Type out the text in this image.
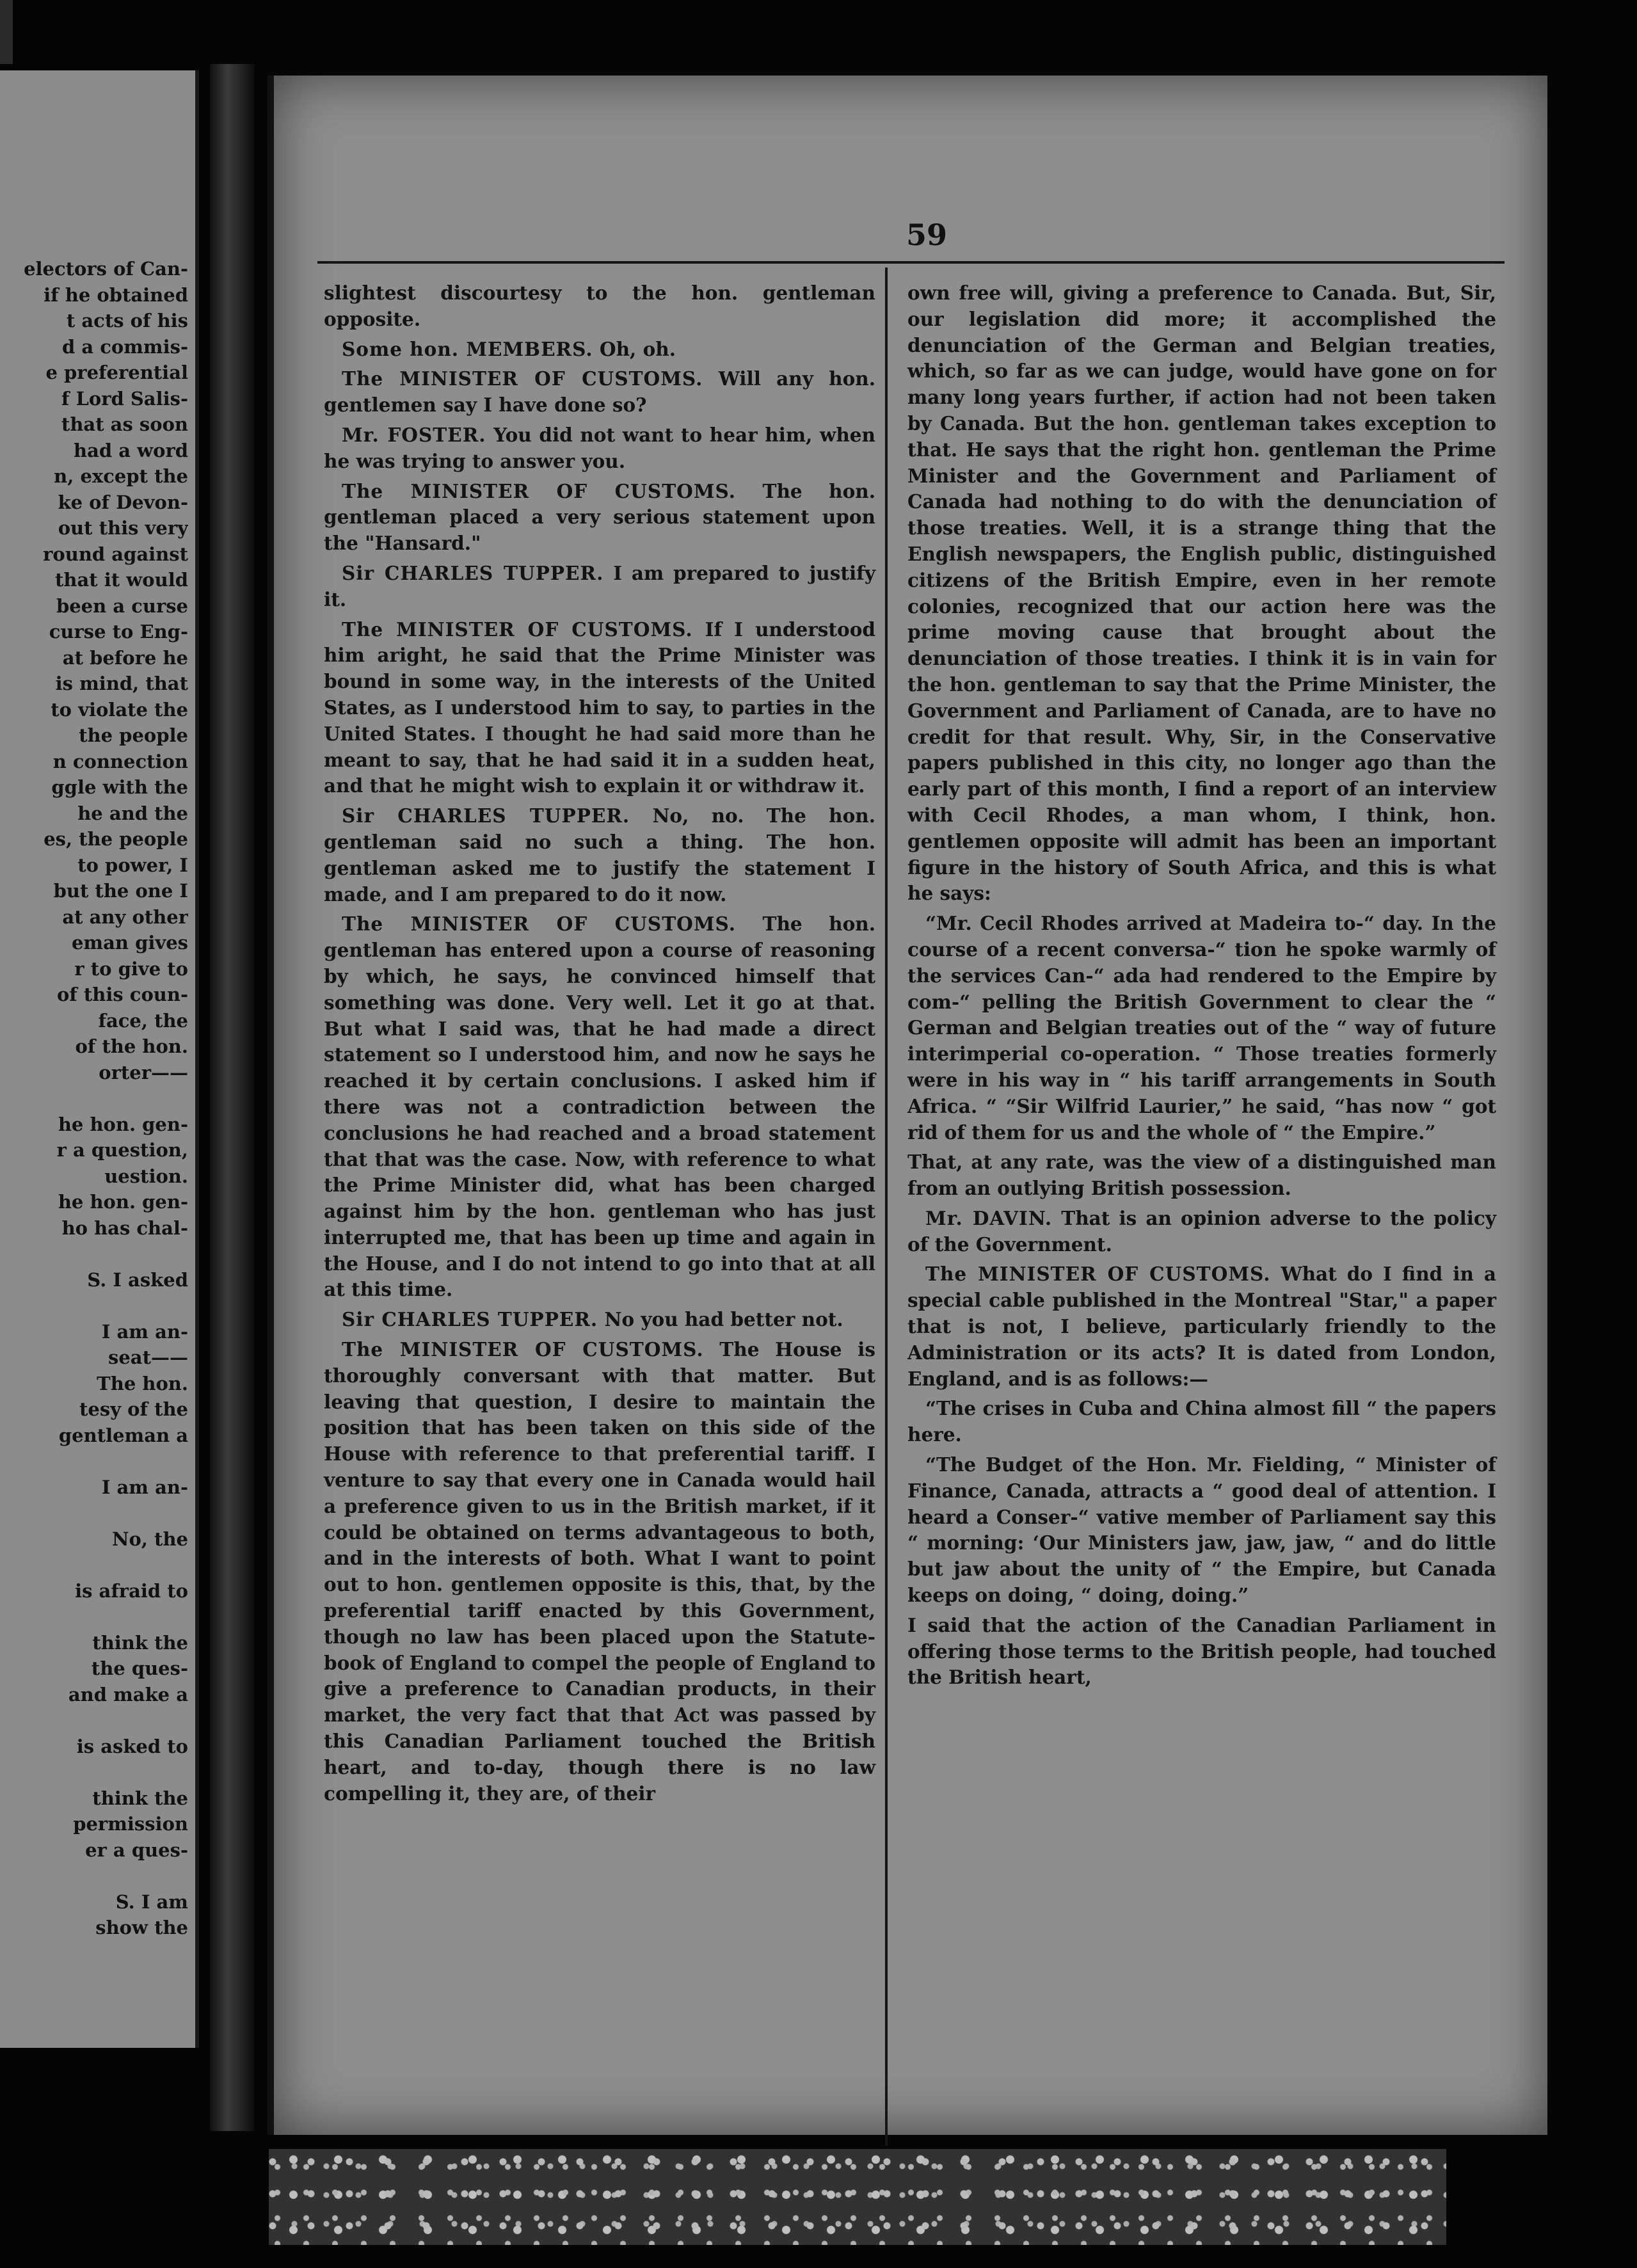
electors of Can-
if he obtained
t acts of his
d a commis-
e preferential
f Lord Salis-
that as soon
had a word
n, except the
ke of Devon-
out this very
round against
that it would
been a curse
curse to Eng-
at before he
is mind, that
to violate the
the people
n connection
ggle with the
he and the
es, the people
to power, I
but the one I
at any other
eman gives
r to give to
of this coun-
face, the
of the hon.
orter——
he hon. gen-
r a question,
uestion.
he hon. gen-
ho has chal-
S. I asked
I am an-
seat——
The hon.
tesy of the
gentleman a
I am an-
No, the
is afraid to
think the
the ques-
and make a
is asked to
think the
permission
er a ques-
S. I am
show the
59

slightest discourtesy to the hon. gentleman opposite.

Some hon. MEMBERS. Oh, oh.

The MINISTER OF CUSTOMS. Will any hon. gentlemen say I have done so?

Mr. FOSTER. You did not want to hear him, when he was trying to answer you.

The MINISTER OF CUSTOMS. The hon. gentleman placed a very serious statement upon the "Hansard."

Sir CHARLES TUPPER. I am prepared to justify it.

The MINISTER OF CUSTOMS. If I understood him aright, he said that the Prime Minister was bound in some way, in the interests of the United States, as I understood him to say, to parties in the United States. I thought he had said more than he meant to say, that he had said it in a sudden heat, and that he might wish to explain it or withdraw it.

Sir CHARLES TUPPER. No, no. The hon. gentleman said no such a thing. The hon. gentleman asked me to justify the statement I made, and I am prepared to do it now.

The MINISTER OF CUSTOMS. The hon. gentleman has entered upon a course of reasoning by which, he says, he convinced himself that something was done. Very well. Let it go at that. But what I said was, that he had made a direct statement so I understood him, and now he says he reached it by certain conclusions. I asked him if there was not a contradiction between the conclusions he had reached and a broad statement that that was the case. Now, with reference to what the Prime Minister did, what has been charged against him by the hon. gentleman who has just interrupted me, that has been up time and again in the House, and I do not intend to go into that at all at this time.

Sir CHARLES TUPPER. No you had better not.

The MINISTER OF CUSTOMS. The House is thoroughly conversant with that matter. But leaving that question, I desire to maintain the position that has been taken on this side of the House with reference to that preferential tariff. I venture to say that every one in Canada would hail a preference given to us in the British market, if it could be obtained on terms advantageous to both, and in the interests of both. What I want to point out to hon. gentlemen opposite is this, that, by the preferential tariff enacted by this Government, though no law has been placed upon the Statute-book of England to compel the people of England to give a preference to Canadian products, in their market, the very fact that that Act was passed by this Canadian Parliament touched the British heart, and to-day, though there is no law compelling it, they are, of their

own free will, giving a preference to Canada. But, Sir, our legislation did more; it accomplished the denunciation of the German and Belgian treaties, which, so far as we can judge, would have gone on for many long years further, if action had not been taken by Canada. But the hon. gentleman takes exception to that. He says that the right hon. gentleman the Prime Minister and the Government and Parliament of Canada had nothing to do with the denunciation of those treaties. Well, it is a strange thing that the English newspapers, the English public, distinguished citizens of the British Empire, even in her remote colonies, recognized that our action here was the prime moving cause that brought about the denunciation of those treaties. I think it is in vain for the hon. gentleman to say that the Prime Minister, the Government and Parliament of Canada, are to have no credit for that result. Why, Sir, in the Conservative papers published in this city, no longer ago than the early part of this month, I find a report of an interview with Cecil Rhodes, a man whom, I think, hon. gentlemen opposite will admit has been an important figure in the history of South Africa, and this is what he says:

“Mr. Cecil Rhodes arrived at Madeira to-“ day. In the course of a recent conversa-“ tion he spoke warmly of the services Can-“ ada had rendered to the Empire by com-“ pelling the British Government to clear the “ German and Belgian treaties out of the “ way of future interimperial co-operation. “ Those treaties formerly were in his way in “ his tariff arrangements in South Africa. “ “Sir Wilfrid Laurier,” he said, “has now “ got rid of them for us and the whole of “ the Empire.”

That, at any rate, was the view of a distinguished man from an outlying British possession.

Mr. DAVIN. That is an opinion adverse to the policy of the Government.

The MINISTER OF CUSTOMS. What do I find in a special cable published in the Montreal "Star," a paper that is not, I believe, particularly friendly to the Administration or its acts? It is dated from London, England, and is as follows:—

“The crises in Cuba and China almost fill “ the papers here.

“The Budget of the Hon. Mr. Fielding, “ Minister of Finance, Canada, attracts a “ good deal of attention. I heard a Conser-“ vative member of Parliament say this “ morning: ‘Our Ministers jaw, jaw, jaw, “ and do little but jaw about the unity of “ the Empire, but Canada keeps on doing, “ doing, doing.”

I said that the action of the Canadian Parliament in offering those terms to the British people, had touched the British heart,
